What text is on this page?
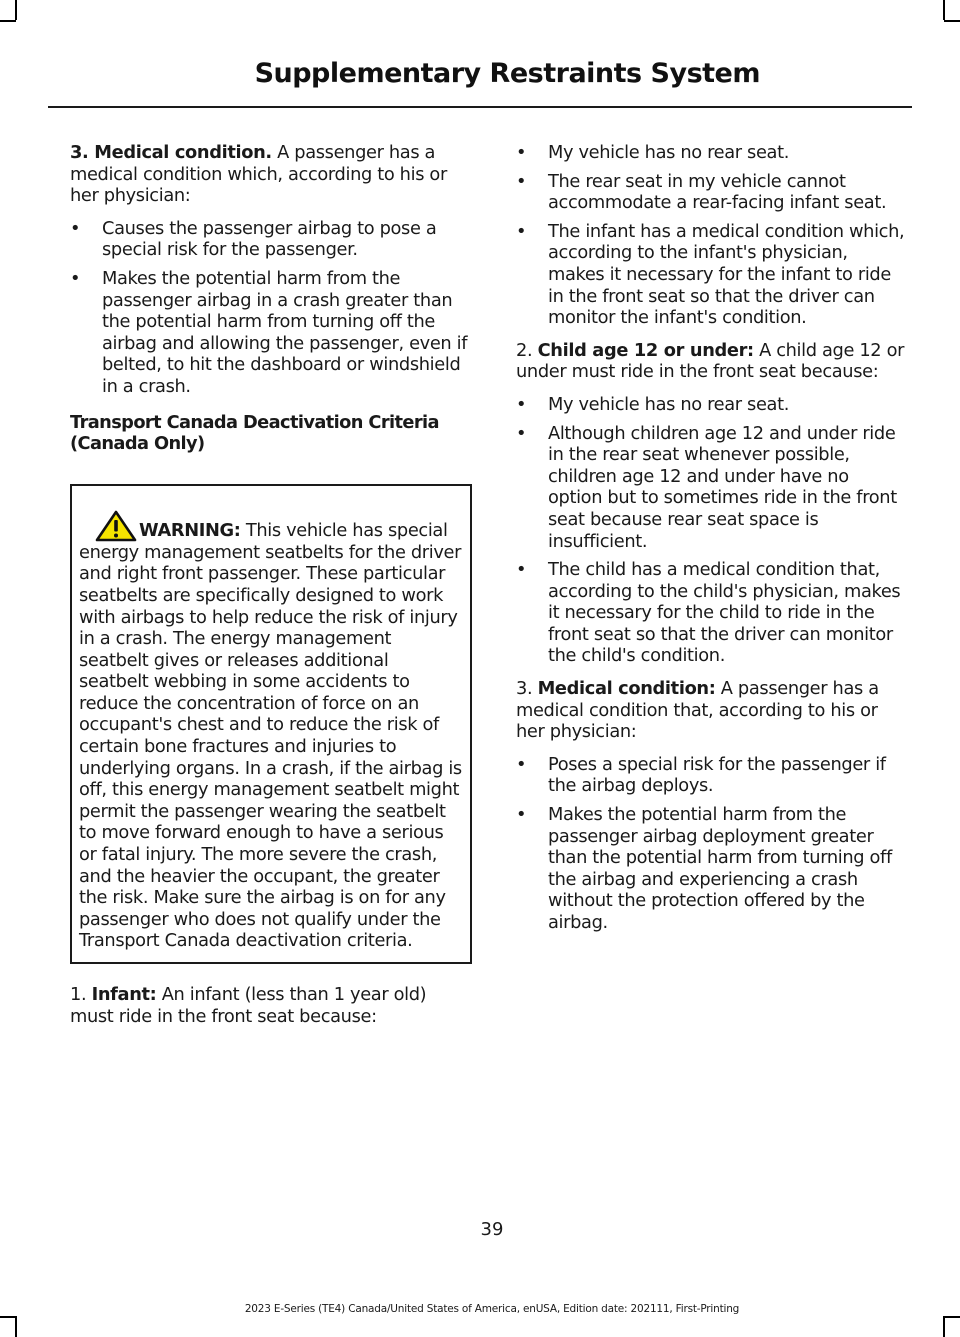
Supplementary Restraints System

3. Medical condition. A passenger has a medical condition which, according to his or her physician:

• Causes the passenger airbag to pose a special risk for the passenger.
• Makes the potential harm from the passenger airbag in a crash greater than the potential harm from turning off the airbag and allowing the passenger, even if belted, to hit the dashboard or windshield in a crash.
Transport Canada Deactivation Criteria (Canada Only)

WARNING: This vehicle has special energy management seatbelts for the driver and right front passenger. These particular seatbelts are specifically designed to work with airbags to help reduce the risk of injury in a crash. The energy management seatbelt gives or releases additional seatbelt webbing in some accidents to reduce the concentration of force on an occupant's chest and to reduce the risk of certain bone fractures and injuries to underlying organs. In a crash, if the airbag is off, this energy management seatbelt might permit the passenger wearing the seatbelt to move forward enough to have a serious or fatal injury. The more severe the crash, and the heavier the occupant, the greater the risk. Make sure the airbag is on for any passenger who does not qualify under the Transport Canada deactivation criteria.

1. Infant: An infant (less than 1 year old) must ride in the front seat because:

• My vehicle has no rear seat.
• The rear seat in my vehicle cannot accommodate a rear-facing infant seat.
• The infant has a medical condition which, according to the infant's physician, makes it necessary for the infant to ride in the front seat so that the driver can monitor the infant's condition.

2. Child age 12 or under: A child age 12 or under must ride in the front seat because:

• My vehicle has no rear seat.
• Although children age 12 and under ride in the rear seat whenever possible, children age 12 and under have no option but to sometimes ride in the front seat because rear seat space is insufficient.
• The child has a medical condition that, according to the child's physician, makes it necessary for the child to ride in the front seat so that the driver can monitor the child's condition.

3. Medical condition: A passenger has a medical condition that, according to his or her physician:

• Poses a special risk for the passenger if the airbag deploys.
• Makes the potential harm from the passenger airbag deployment greater than the potential harm from turning off the airbag and experiencing a crash without the protection offered by the airbag.
39
2023 E-Series (TE4) Canada/United States of America, enUSA, Edition date: 202111, First-Printing
